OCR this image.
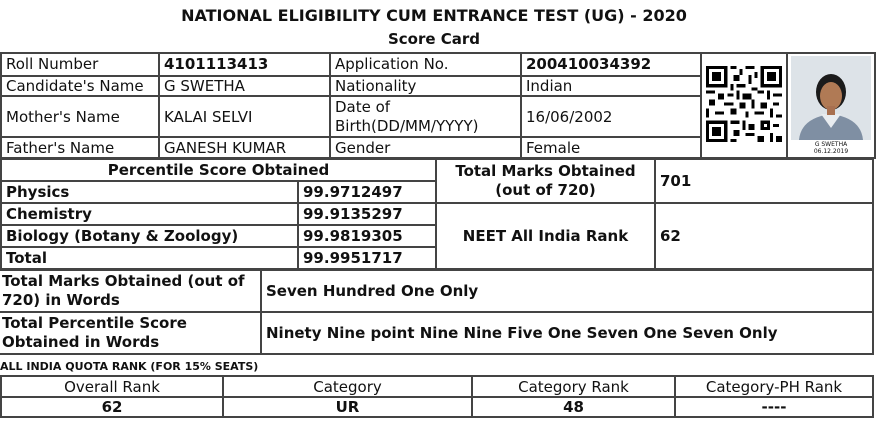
NATIONAL ELIGIBILITY CUM ENTRANCE TEST (UG) - 2020
Score Card
Roll Number	4101113413	Application No.	200410034392		G SWETHA
06.12.2019

Candidate's Name	G SWETHA	Nationality	Indian		
Mother's Name	KALAI SELVI	Date of Birth(DD/MM/YYYY)	16/06/2002		
Father's Name	GANESH KUMAR	Gender	Female		
Percentile Score Obtained		Total Marks Obtained (out of 720)	701
Physics	99.9712497		
Chemistry	99.9135297	NEET All India Rank	62
Biology (Botany & Zoology)	99.9819305		
Total	99.9951717		
Total Marks Obtained (out of 720) in Words	Seven Hundred One Only
Total Percentile Score Obtained in Words	Ninety Nine point Nine Nine Five One Seven One Seven Only
ALL INDIA QUOTA RANK (FOR 15% SEATS)
Overall Rank	Category	Category Rank	Category-PH Rank
62	UR	48	----
